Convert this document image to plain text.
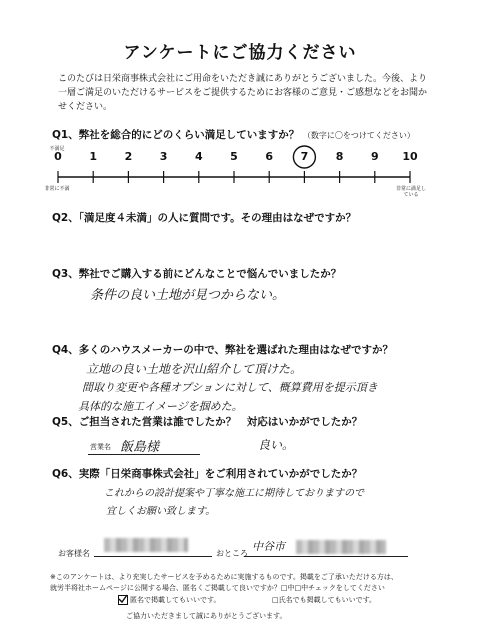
アンケートにご協力ください
このたびは日栄商事株式会社にご用命をいただき誠にありがとうございました。今後、より一層ご満足のいただけるサービスをご提供するためにお客様のご意見・ご感想などをお聞かせください。
Q1、弊社を総合的にどのくらい満足していますか？ （数字に〇をつけてください）
不満足
0	1	2	3	4	5	6	7	8	9	10
非常に不満	非常に満足している
Q2、「満足度４未満」の人に質問です。その理由はなぜですか？
Q3、弊社でご購入する前にどんなことで悩んでいましたか？
条件の良い土地が見つからない。
Q4、多くのハウスメーカーの中で、弊社を選ばれた理由はなぜですか？
立地の良い土地を沢山紹介して頂けた。
間取り変更や各種オプションに対して、概算費用を提示頂き
具体的な施工イメージを掴めた。
Q5、ご担当された営業は誰でしたか？　対応はいかがでしたか？
営業名 飯島様	良い。
Q6、実際「日栄商事株式会社」をご利用されていかがでしたか？
これからの設計提案や丁寧な施工に期待しておりますので
宜しくお願い致します。
お客様名	おところ
中谷市
※このアンケートは、より充実したサービスを予めるために実施するものです。掲載をご了承いただける方は、
就労半将社ホームページに公開する場合、匿名くご掲載して良いですか？□中□中チェックをしてください
匿名で掲載してもいいです。	□氏名でも掲載してもいいです。
ご協力いただきまして誠にありがとうございます。
